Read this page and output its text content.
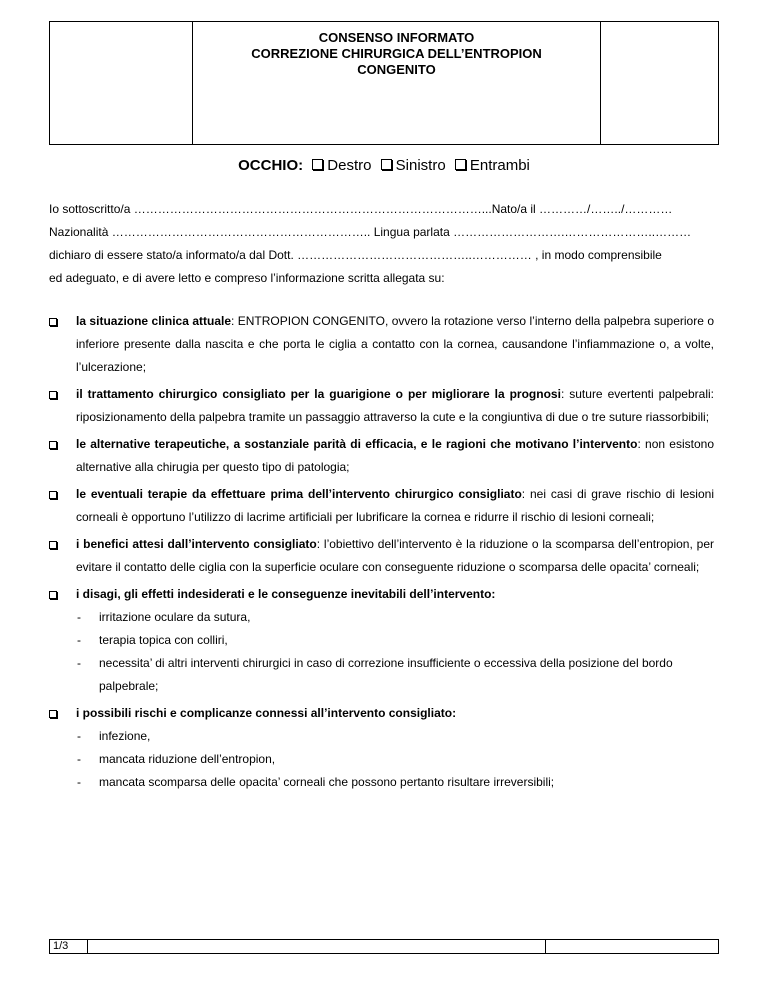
CONSENSO INFORMATO
CORREZIONE CHIRURGICA DELL’ENTROPION
CONGENITO
OCCHIO: Destro Sinistro Entrambi
Io sottoscritto/a ……………………………………………………………………………...Nato/a il …………/……../…………
Nazionalità ……………………………………………………….. Lingua parlata ……………………….…………………..………
dichiaro di essere stato/a informato/a dal Dott. ……………………………………..…………… , in modo comprensibile
ed adeguato, e di avere letto e compreso l’informazione scritta allegata su:
la situazione clinica attuale: ENTROPION CONGENITO, ovvero la rotazione verso l’interno della palpebra superiore o inferiore presente dalla nascita e che porta le ciglia a contatto con la cornea, causandone l’infiammazione o, a volte, l’ulcerazione;
il trattamento chirurgico consigliato per la guarigione o per migliorare la prognosi: suture evertenti palpebrali: riposizionamento della palpebra tramite un passaggio attraverso la cute e la congiuntiva di due o tre suture riassorbibili;
le alternative terapeutiche, a sostanziale parità di efficacia, e le ragioni che motivano l’intervento: non esistono alternative alla chirugia per questo tipo di patologia;
le eventuali terapie da effettuare prima dell’intervento chirurgico consigliato: nei casi di grave rischio di lesioni corneali è opportuno l’utilizzo di lacrime artificiali per lubrificare la cornea e ridurre il rischio di lesioni corneali;
i benefici attesi dall’intervento consigliato: l’obiettivo dell’intervento è la riduzione o la scomparsa dell’entropion, per evitare il contatto delle ciglia con la superficie oculare con conseguente riduzione o scomparsa delle opacita’ corneali;
i disagi, gli effetti indesiderati e le conseguenze inevitabili dell’intervento:
- irritazione oculare da sutura,
- terapia topica con colliri,
- necessita’ di altri interventi chirurgici in caso di correzione insufficiente o eccessiva della posizione del bordo palpebrale;
i possibili rischi e complicanze connessi all’intervento consigliato:
- infezione,
- mancata riduzione dell’entropion,
- mancata scomparsa delle opacita’ corneali che possono pertanto risultare irreversibili;
1/3
